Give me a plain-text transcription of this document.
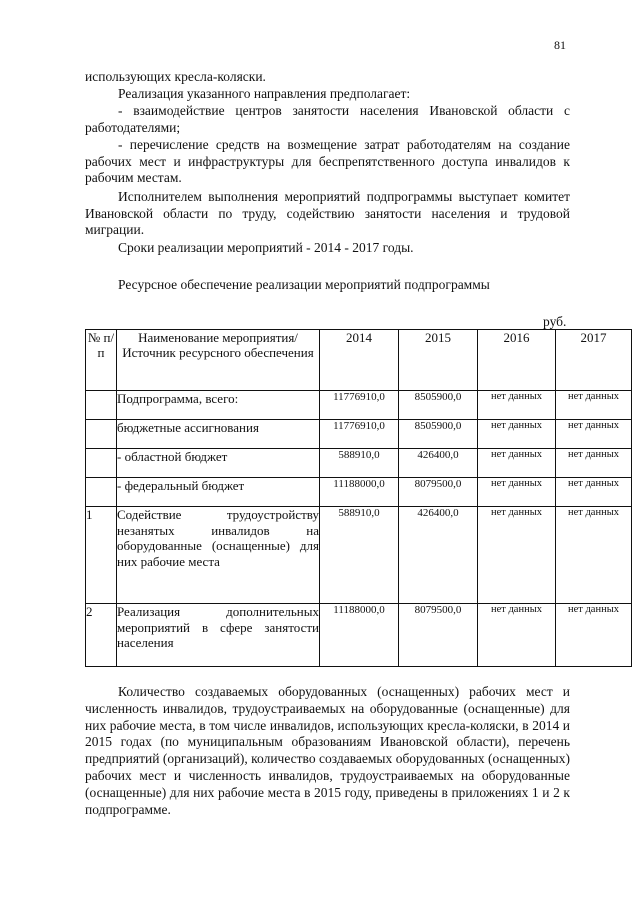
81

использующих кресла-коляски.

Реализация указанного направления предполагает:

- взаимодействие центров занятости населения Ивановской области с работодателями;

- перечисление средств на возмещение затрат работодателям на создание рабочих мест и инфраструктуры для беспрепятственного доступа инвалидов к рабочим местам.

Исполнителем выполнения мероприятий подпрограммы выступает комитет Ивановской области по труду, содействию занятости населения и трудовой миграции.

Сроки реализации мероприятий - 2014 - 2017 годы.

Ресурсное обеспечение реализации мероприятий подпрограммы
руб.
№ п/п	Наименование мероприятия/Источник ресурсного обеспечения	2014	2015	2016	2017
	Подпрограмма, всего:	11776910,0	8505900,0	нет данных	нет данных
	бюджетные ассигнования	11776910,0	8505900,0	нет данных	нет данных
	- областной бюджет	588910,0	426400,0	нет данных	нет данных
	- федеральный бюджет	11188000,0	8079500,0	нет данных	нет данных
1	Содействие трудоустройству незанятых инвалидов на оборудованные (оснащенные) для них рабочие места	588910,0	426400,0	нет данных	нет данных
2	Реализация дополнительных мероприятий в сфере занятости населения	11188000,0	8079500,0	нет данных	нет данных

Количество создаваемых оборудованных (оснащенных) рабочих мест и численность инвалидов, трудоустраиваемых на оборудованные (оснащенные) для них рабочие места, в том числе инвалидов, использующих кресла-коляски, в 2014 и 2015 годах (по муниципальным образованиям Ивановской области), перечень предприятий (организаций), количество создаваемых оборудованных (оснащенных) рабочих мест и численность инвалидов, трудоустраиваемых на оборудованные (оснащенные) для них рабочие места в 2015 году, приведены в приложениях 1 и 2 к подпрограмме.
